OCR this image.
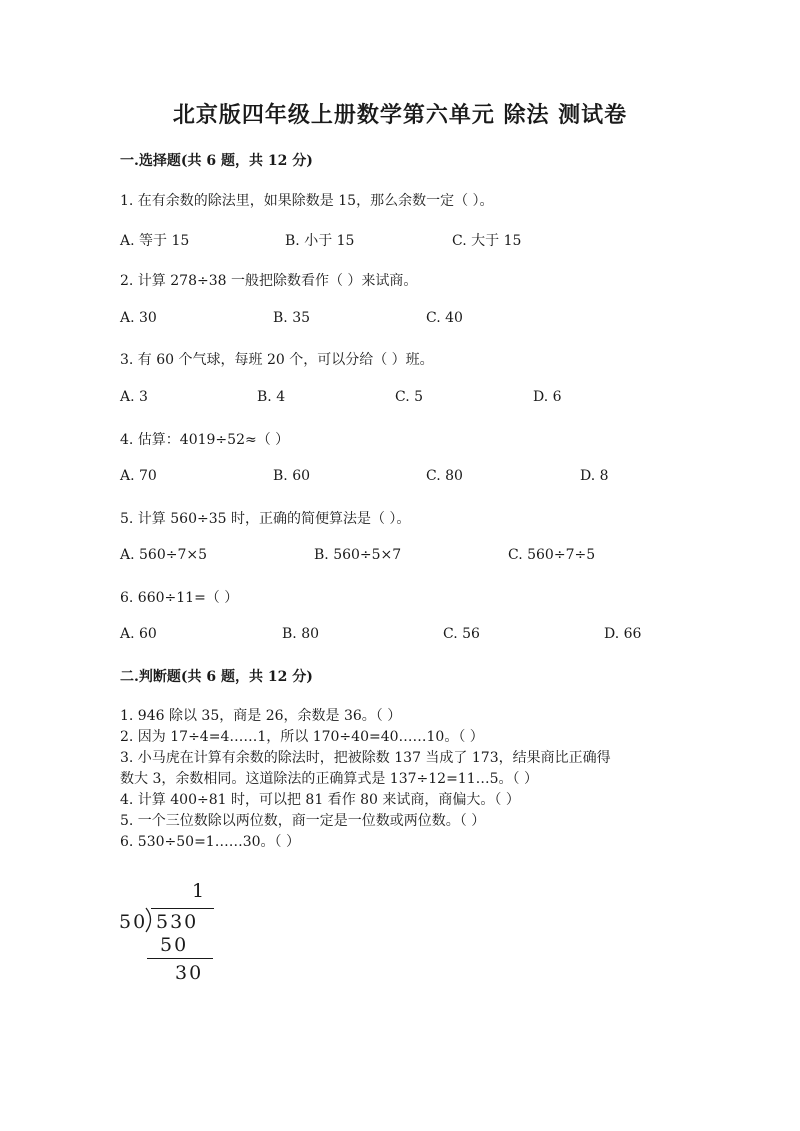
北京版四年级上册数学第六单元 除法 测试卷
一.选择题(共 6 题，共 12 分)
1. 在有余数的除法里，如果除数是 15，那么余数一定（ ）。
A. 等于 15	B. 小于 15	C. 大于 15
2. 计算 278÷38 一般把除数看作（ ）来试商。
A. 30	B. 35	C. 40
3. 有 60 个气球，每班 20 个，可以分给（ ）班。
A. 3	B. 4	C. 5	D. 6
4. 估算：4019÷52≈（ ）
A. 70	B. 60	C. 80	D. 8
5. 计算 560÷35 时，正确的简便算法是（ ）。
A. 560÷7×5	B. 560÷5×7	C. 560÷7÷5
6. 660÷11=（ ）
A. 60	B. 80	C. 56	D. 66
二.判断题(共 6 题，共 12 分)
1. 946 除以 35，商是 26，余数是 36。（ ）
2. 因为 17÷4=4……1，所以 170÷40=40……10。（ ）
3. 小马虎在计算有余数的除法时，把被除数 137 当成了 173，结果商比正确得
数大 3，余数相同。这道除法的正确算式是 137÷12=11…5。（ ）
4. 计算 400÷81 时，可以把 81 看作 80 来试商，商偏大。（ ）
5. 一个三位数除以两位数，商一定是一位数或两位数。（ ）
6. 530÷50=1……30。（ ）
1
50 530
50
30
